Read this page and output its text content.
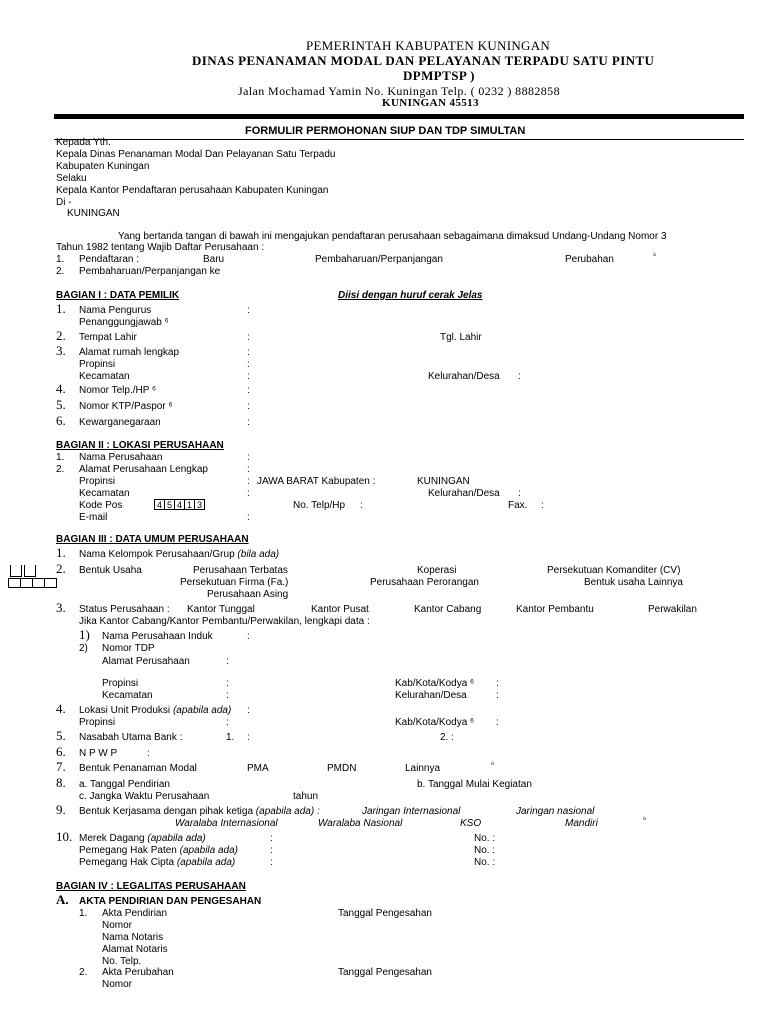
PEMERINTAH KABUPATEN KUNINGAN
DINAS PENANAMAN MODAL DAN PELAYANAN TERPADU SATU PINTU
DPMPTSP )
Jalan Mochamad Yamin No. Kuningan Telp. ( 0232 ) 8882858
KUNINGAN 45513
FORMULIR PERMOHONAN SIUP DAN TDP SIMULTAN
Kepada Yth.
Kepala Dinas Penanaman Modal Dan Pelayanan Satu Terpadu
Kabupaten Kuningan
Selaku
Kepala Kantor Pendaftaran perusahaan Kabupaten Kuningan
Di -
KUNINGAN
Yang bertanda tangan di bawah ini mengajukan pendaftaran perusahaan sebagaimana dimaksud Undang-Undang Nomor 3
Tahun 1982 tentang Wajib Daftar Perusahaan :
1. Pendaftaran :	Baru	Pembaharuan/Perpanjangan	Perubahan	⁶
2. Pembaharuan/Perpanjangan ke
BAGIAN I : DATA PEMILIK	Diisi dengan huruf cerak Jelas
1. Nama Pengurus	:
Penanggungjawab ⁶
2. Tempat Lahir	:	Tgl. Lahir
3. Alamat rumah lengkap	:
Propinsi	:
Kecamatan	:	Kelurahan/Desa :
4. Nomor Telp./HP ⁶	:
5. Nomor KTP/Paspor ⁶	:
6. Kewarganegaraan	:
BAGIAN II : LOKASI PERUSAHAAN
1. Nama Perusahaan	:
2. Alamat Perusahaan Lengkap	:
Propinsi	: JAWA BARAT Kabupaten :	KUNINGAN
Kecamatan	:	Kelurahan/Desa :
Kode Pos	4 5 4 1 3	No. Telp/Hp :	Fax. :
E-mail	:
BAGIAN III : DATA UMUM PERUSAHAAN
1. Nama Kelompok Perusahaan/Grup (bila ada)
2. Bentuk Usaha	Perusahaan Terbatas	Koperasi	Persekutuan Komanditer (CV)
Persekutuan Firma (Fa.)	Perusahaan Perorangan	Bentuk usaha Lainnya
Perusahaan Asing
3. Status Perusahaan : Kantor Tunggal	Kantor Pusat	Kantor Cabang	Kantor Pembantu	Perwakilan
Jika Kantor Cabang/Kantor Pembantu/Perwakilan, lengkapi data :
1) Nama Perusahaan Induk	:
2) Nomor TDP
Alamat Perusahaan	:
Propinsi	:	Kab/Kota/Kodya ⁶ :
Kecamatan	:	Kelurahan/Desa	:
4. Lokasi Unit Produksi (apabila ada) :
Propinsi	:	Kab/Kota/Kodya ⁶ :
5. Nasabah Utama Bank :	1. :	2. :
6. N P W P	:
7. Bentuk Penanaman Modal	PMA	PMDN	Lainnya	⁶
8. a. Tanggal Pendirian	b. Tanggal Mulai Kegiatan
c. Jangka Waktu Perusahaan	tahun
9. Bentuk Kerjasama dengan pihak ketiga (apabila ada) :	Jaringan Internasional	Jaringan nasional
Waralaba Internasional	Waralaba Nasional	KSO	Mandiri	⁶
10. Merek Dagang (apabila ada)	:	No. :
Pemegang Hak Paten (apabila ada)	:	No. :
Pemegang Hak Cipta (apabila ada)	:	No. :
BAGIAN IV : LEGALITAS PERUSAHAAN
A. AKTA PENDIRIAN DAN PENGESAHAN
1. Akta Pendirian	Tanggal Pengesahan
Nomor
Nama Notaris
Alamat Notaris
No. Telp.
2. Akta Perubahan	Tanggal Pengesahan
Nomor
